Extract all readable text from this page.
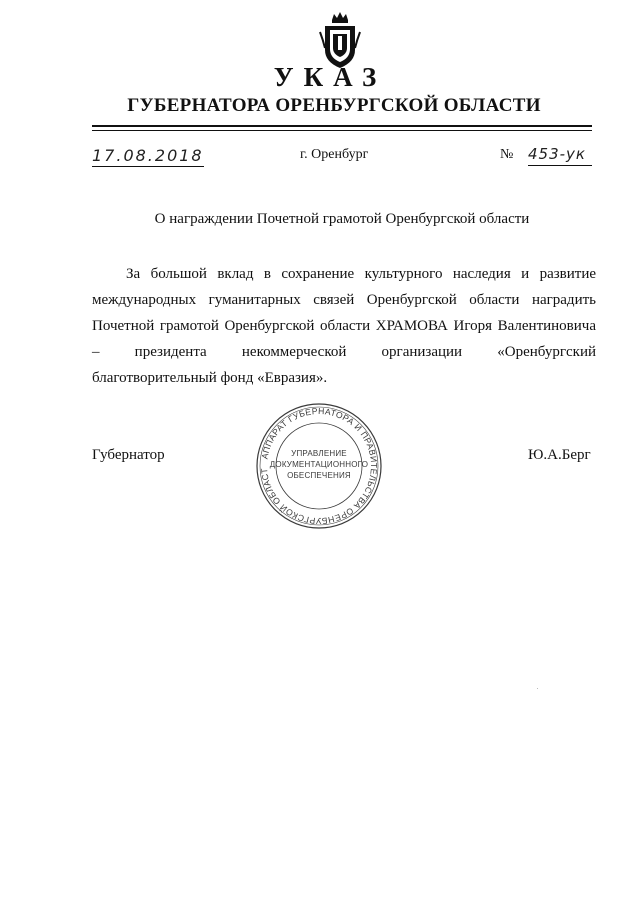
УКАЗ
ГУБЕРНАТОРА ОРЕНБУРГСКОЙ ОБЛАСТИ
17.08.2018	г. Оренбург	№ 453-ук
О награждении Почетной грамотой Оренбургской области

За большой вклад в сохранение культурного наследия и развитие международных гуманитарных связей Оренбургской области наградить Почетной грамотой Оренбургской области ХРАМОВА Игоря Валентиновича – президента некоммерческой организации «Оренбургский благотворительный фонд «Евразия».

Губернатор	АППАРАТ ГУБЕРНАТОРА И ПРАВИТЕЛЬСТВА ОРЕНБУРГСКОЙ ОБЛАСТ
УПРАВЛЕНИЕ
ДОКУМЕНТАЦИОННОГО
ОБЕСПЕЧЕНИЯ
Ю.А.Берг
